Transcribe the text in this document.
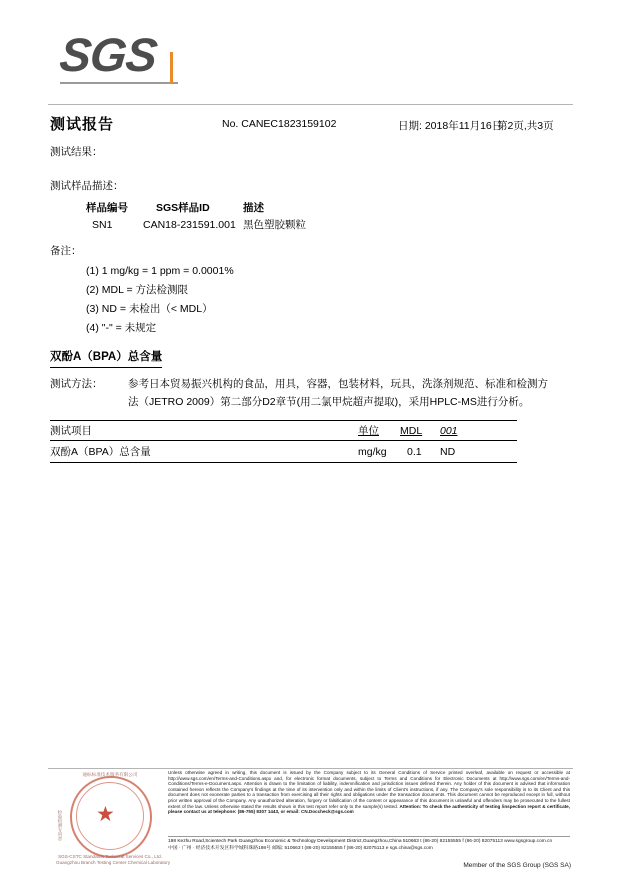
SGS
测试报告	No. CANEC1823159102	日期: 2018年11月16日
第2页,共3页
测试结果：
测试样品描述：
样品编号	SGS样品ID	描述
SN1	CAN18-231591.001 黑色塑胶颗粒
备注：
(1) 1 mg/kg = 1 ppm = 0.0001%
(2) MDL = 方法检测限
(3) ND = 未检出（< MDL）
(4) "-" = 未规定
双酚A（BPA）总含量
测试方法： 参考日本贸易振兴机构的食品，用具，容器，包装材料，玩具，洗涤剂规范、标准和检测方
法（JETRO 2009）第二部分D2章节(用二氯甲烷超声提取)，采用HPLC-MS进行分析。
测试项目	单位 MDL 001
双酚A（BPA）总含量	mg/kg 0.1 ND
★
通标标准技术服务有限公司
SGS-CSTC Standards Technical Services Co., Ltd.
Guangzhou Branch Testing Center Chemical Laboratory
检验检测专用章
Unless otherwise agreed in writing, this document is issued by the Company subject to its General Conditions of Service printed overleaf, available on request or accessible at http://www.sgs.com/en/Terms-and-Conditions.aspx and, for electronic format documents, subject to Terms and Conditions for Electronic Documents at http://www.sgs.com/en/Terms-and-Conditions/Terms-e-Document.aspx. Attention is drawn to the limitation of liability, indemnification and jurisdiction issues defined therein. Any holder of this document is advised that information contained hereon reflects the Company's findings at the time of its intervention only and within the limits of Client's instructions, if any. The Company's sole responsibility is to its Client and this document does not exonerate parties to a transaction from exercising all their rights and obligations under the transaction documents. This document cannot be reproduced except in full, without prior written approval of the Company. Any unauthorized alteration, forgery or falsification of the content or appearance of this document is unlawful and offenders may be prosecuted to the fullest extent of the law. Unless otherwise stated the results shown in this test report refer only to the sample(s) tested. Attention: To check the authenticity of testing /inspection report & certificate, please contact us at telephone: (86-755) 8307 1443, or email: CN.Doccheck@sgs.com
198 Kezhu Road,Scientech Park Guangzhou Economic & Technology Development District,Guangzhou,China 510663 t (86-20) 82155555 f (86-20) 82075113 www.sgsgroup.com.cn
中国 · 广州 · 经济技术开发区科学城科珠路198号 邮编: 510663 t (86-20) 82155555 f (86-20) 82075113 e sgs.china@sgs.com
Member of the SGS Group (SGS SA)
